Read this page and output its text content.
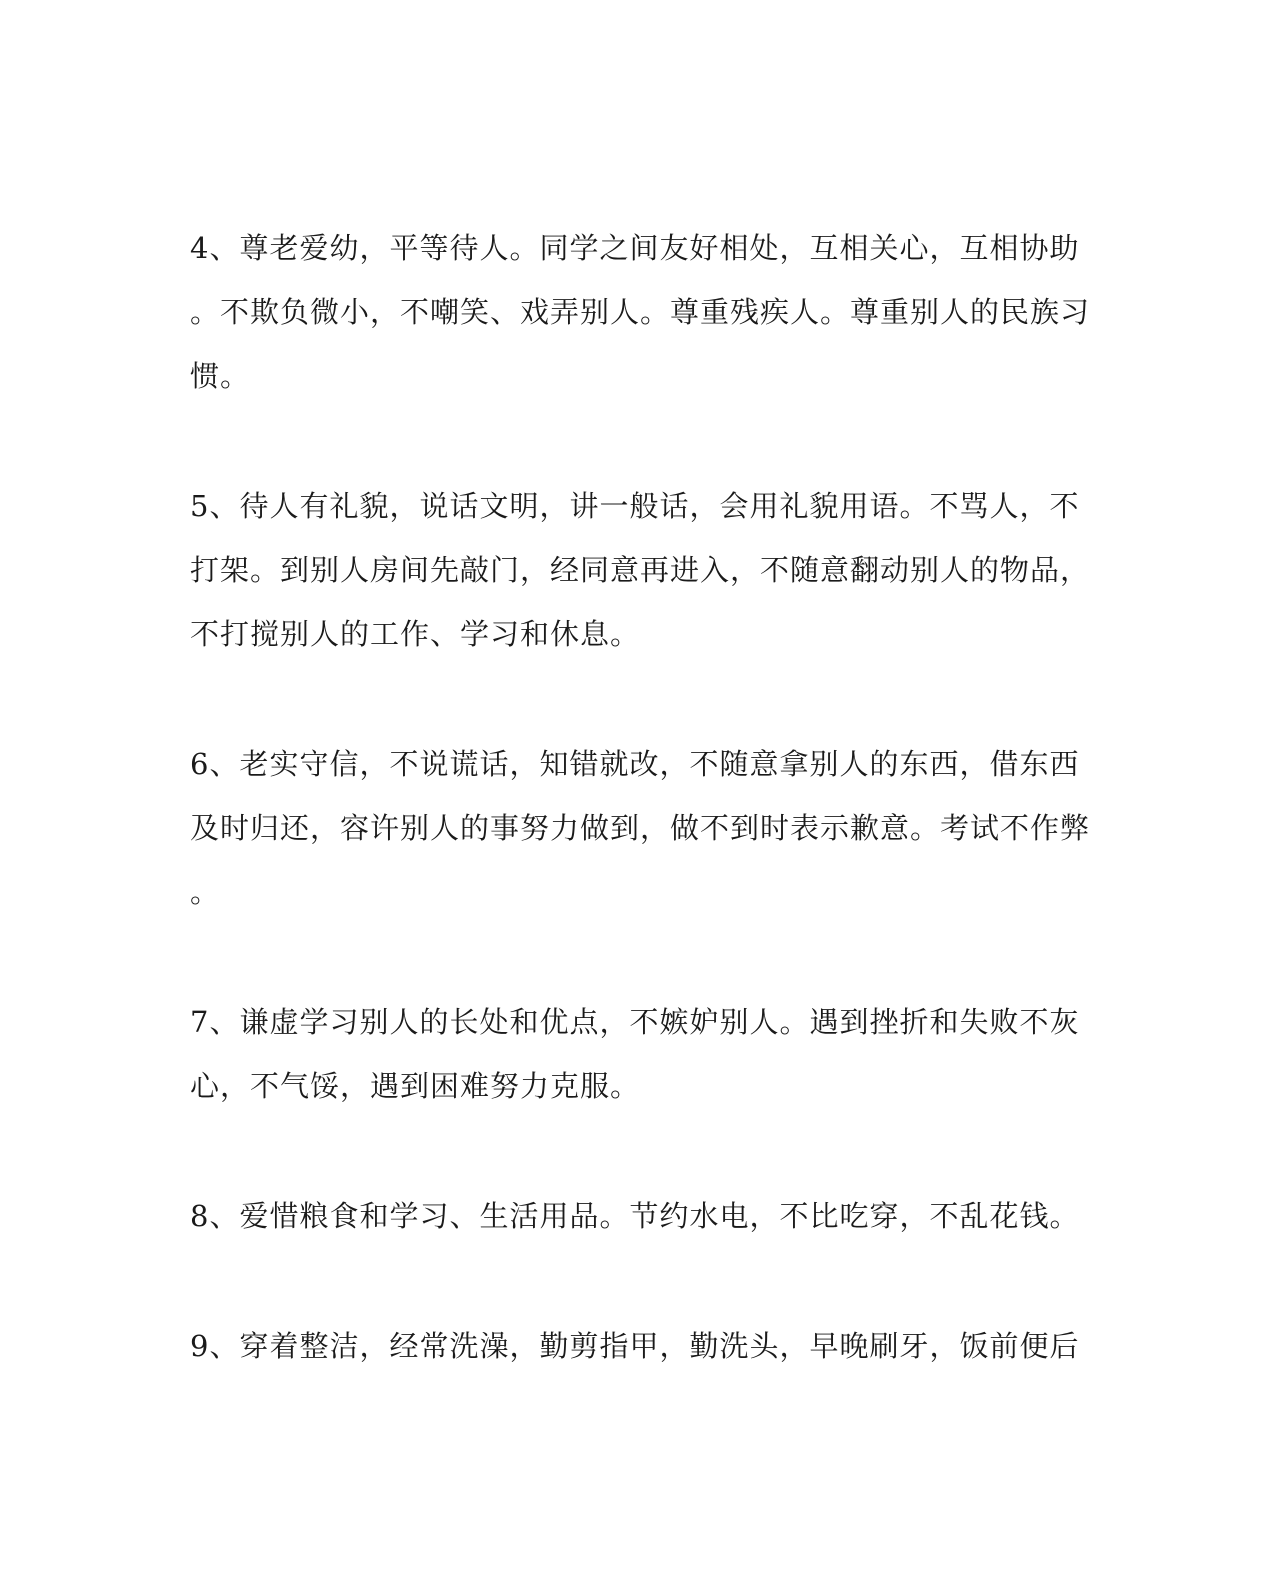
4、尊老爱幼，平等待人。同学之间友好相处，互相关心，互相协助
。不欺负微小，不嘲笑、戏弄别人。尊重残疾人。尊重别人的民族习
惯。
5、待人有礼貌，说话文明，讲一般话，会用礼貌用语。不骂人，不
打架。到别人房间先敲门，经同意再进入，不随意翻动别人的物品，
不打搅别人的工作、学习和休息。
6、老实守信，不说谎话，知错就改，不随意拿别人的东西，借东西
及时归还，容许别人的事努力做到，做不到时表示歉意。考试不作弊
。
7、谦虚学习别人的长处和优点，不嫉妒别人。遇到挫折和失败不灰
心，不气馁，遇到困难努力克服。
8、爱惜粮食和学习、生活用品。节约水电，不比吃穿，不乱花钱。
9、穿着整洁，经常洗澡，勤剪指甲，勤洗头，早晚刷牙，饭前便后
